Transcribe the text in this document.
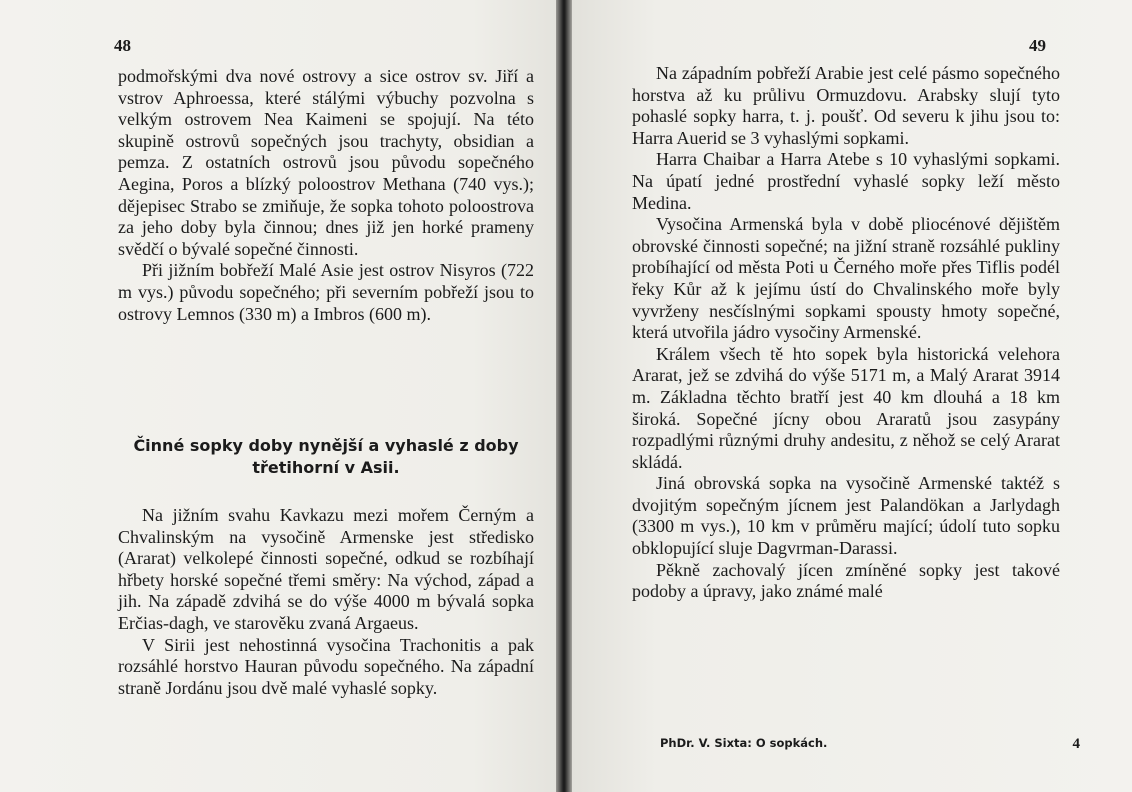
48

podmořskými dva nové ostrovy a sice ostrov sv. Jiří a vstrov Aphroessa, které stálými výbuchy pozvolna s velkým ostrovem Nea Kaimeni se spojují. Na této skupině ostrovů sopečných jsou trachyty, obsidian a pemza. Z ostatních ostrovů jsou původu sopečného Aegina, Poros a blízký poloostrov Methana (740 vys.); dějepisec Strabo se zmiňuje, že sopka tohoto poloostrova za jeho doby byla činnou; dnes již jen horké prameny svědčí o bývalé sopečné činnosti.

Při jižním bobřeží Malé Asie jest ostrov Nisyros (722 m vys.) původu sopečného; při severním pobřeží jsou to ostrovy Lemnos (330 m) a Imbros (600 m).

Činné sopky doby nynější a vyhaslé z doby třetihorní v Asii.

Na jižním svahu Kavkazu mezi mořem Černým a Chvalinským na vysočině Armenske jest středisko (Ararat) velkolepé činnosti sopečné, odkud se rozbíhají hřbety horské sopečné třemi směry: Na východ, západ a jih. Na západě zdvihá se do výše 4000 m bývalá sopka Erčias-dagh, ve starověku zvaná Argaeus.

V Sirii jest nehostinná vysočina Trachonitis a pak rozsáhlé horstvo Hauran původu sopečného. Na západní straně Jordánu jsou dvě malé vyhaslé sopky.

49

Na západním pobřeží Arabie jest celé pásmo sopečného horstva až ku průlivu Ormuzdovu. Arabsky slují tyto pohaslé sopky harra, t. j. poušť. Od severu k jihu jsou to: Harra Auerid se 3 vyhaslými sopkami.

Harra Chaibar a Harra Atebe s 10 vyhaslými sopkami. Na úpatí jedné prostřední vyhaslé sopky leží město Medina.

Vysočina Armenská byla v době pliocénové dějištěm obrovské činnosti sopečné; na jižní straně rozsáhlé pukliny probíhající od města Poti u Černého moře přes Tiflis podél řeky Kůr až k jejímu ústí do Chvalinského moře byly vyvrženy nesčíslnými sopkami spousty hmoty sopečné, která utvořila jádro vysočiny Armenské.

Králem všech tě hto sopek byla historická velehora Ararat, jež se zdvihá do výše 5171 m, a Malý Ararat 3914 m. Základna těchto bratří jest 40 km dlouhá a 18 km široká. Sopečné jícny obou Araratů jsou zasypány rozpadlými různými druhy andesitu, z něhož se celý Ararat skládá.

Jiná obrovská sopka na vysočině Armenské taktéž s dvojitým sopečným jícnem jest Palandökan a Jarlydagh (3300 m vys.), 10 km v průměru mající; údolí tuto sopku obklopující sluje Dagvrman-Darassi.

Pěkně zachovalý jícen zmíněné sopky jest takové podoby a úpravy, jako známé malé

PhDr. V. Sixta: O sopkách.	4
